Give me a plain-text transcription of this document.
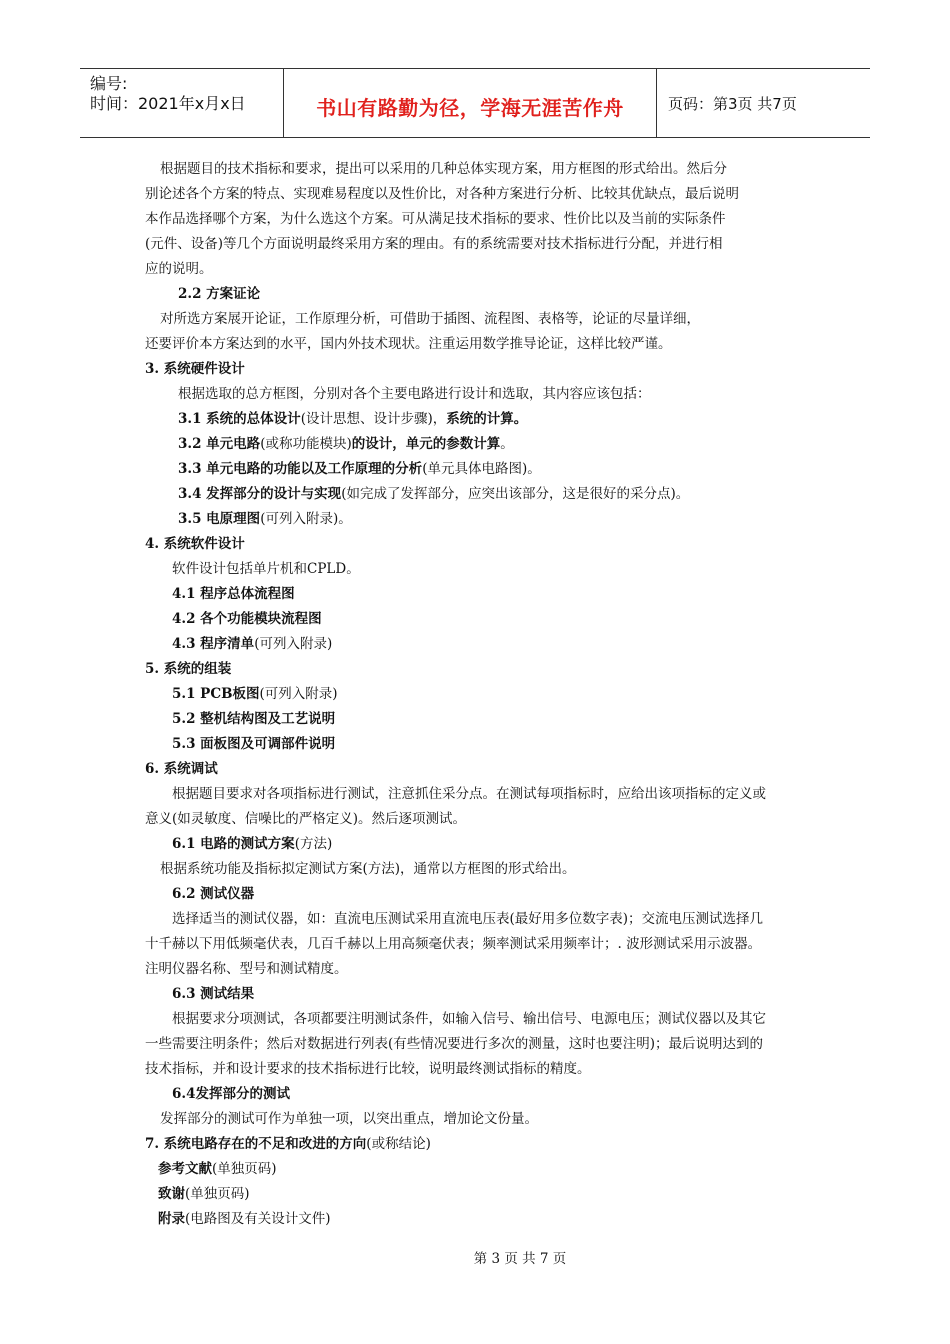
编号:
时间：2021年x月x日	书山有路勤为径，学海无涯苦作舟	页码：第3页 共7页
根据题目的技术指标和要求，提出可以采用的几种总体实现方案，用方框图的形式给出。然后分
别论述各个方案的特点、实现难易程度以及性价比，对各种方案进行分析、比较其优缺点，最后说明
本作品选择哪个方案，为什么选这个方案。可从满足技术指标的要求、性价比以及当前的实际条件
(元件、设备)等几个方面说明最终采用方案的理由。有的系统需要对技术指标进行分配，并进行相
应的说明。
2.2 方案证论
对所选方案展开论证，工作原理分析，可借助于插图、流程图、表格等，论证的尽量详细，
还要评价本方案达到的水平，国内外技术现状。注重运用数学推导论证，这样比较严谨。
3. 系统硬件设计
根据选取的总方框图，分别对各个主要电路进行设计和选取，其内容应该包括：
3.1 系统的总体设计(设计思想、设计步骤)，系统的计算。
3.2 单元电路(或称功能模块)的设计，单元的参数计算。
3.3 单元电路的功能以及工作原理的分析(单元具体电路图)。
3.4 发挥部分的设计与实现(如完成了发挥部分，应突出该部分，这是很好的采分点)。
3.5 电原理图(可列入附录)。
4. 系统软件设计
软件设计包括单片机和CPLD。
4.1 程序总体流程图
4.2 各个功能模块流程图
4.3 程序清单(可列入附录)
5. 系统的组装
5.1 PCB板图(可列入附录)
5.2 整机结构图及工艺说明
5.3 面板图及可调部件说明
6. 系统调试
根据题目要求对各项指标进行测试，注意抓住采分点。在测试每项指标时，应给出该项指标的定义或
意义(如灵敏度、信噪比的严格定义)。然后逐项测试。
6.1 电路的测试方案(方法)
根据系统功能及指标拟定测试方案(方法)，通常以方框图的形式给出。
6.2 测试仪器
选择适当的测试仪器，如：直流电压测试采用直流电压表(最好用多位数字表)；交流电压测试选择几
十千赫以下用低频毫伏表，几百千赫以上用高频毫伏表；频率测试采用频率计；. 波形测试采用示波器。
注明仪器名称、型号和测试精度。
6.3 测试结果
根据要求分项测试，各项都要注明测试条件，如输入信号、输出信号、电源电压；测试仪器以及其它
一些需要注明条件；然后对数据进行列表(有些情况要进行多次的测量，这时也要注明)；最后说明达到的
技术指标，并和设计要求的技术指标进行比较，说明最终测试指标的精度。
6.4发挥部分的测试
发挥部分的测试可作为单独一项，以突出重点，增加论文份量。
7. 系统电路存在的不足和改进的方向(或称结论)
参考文献(单独页码)
致谢(单独页码)
附录(电路图及有关设计文件)
第 3 页 共 7 页
